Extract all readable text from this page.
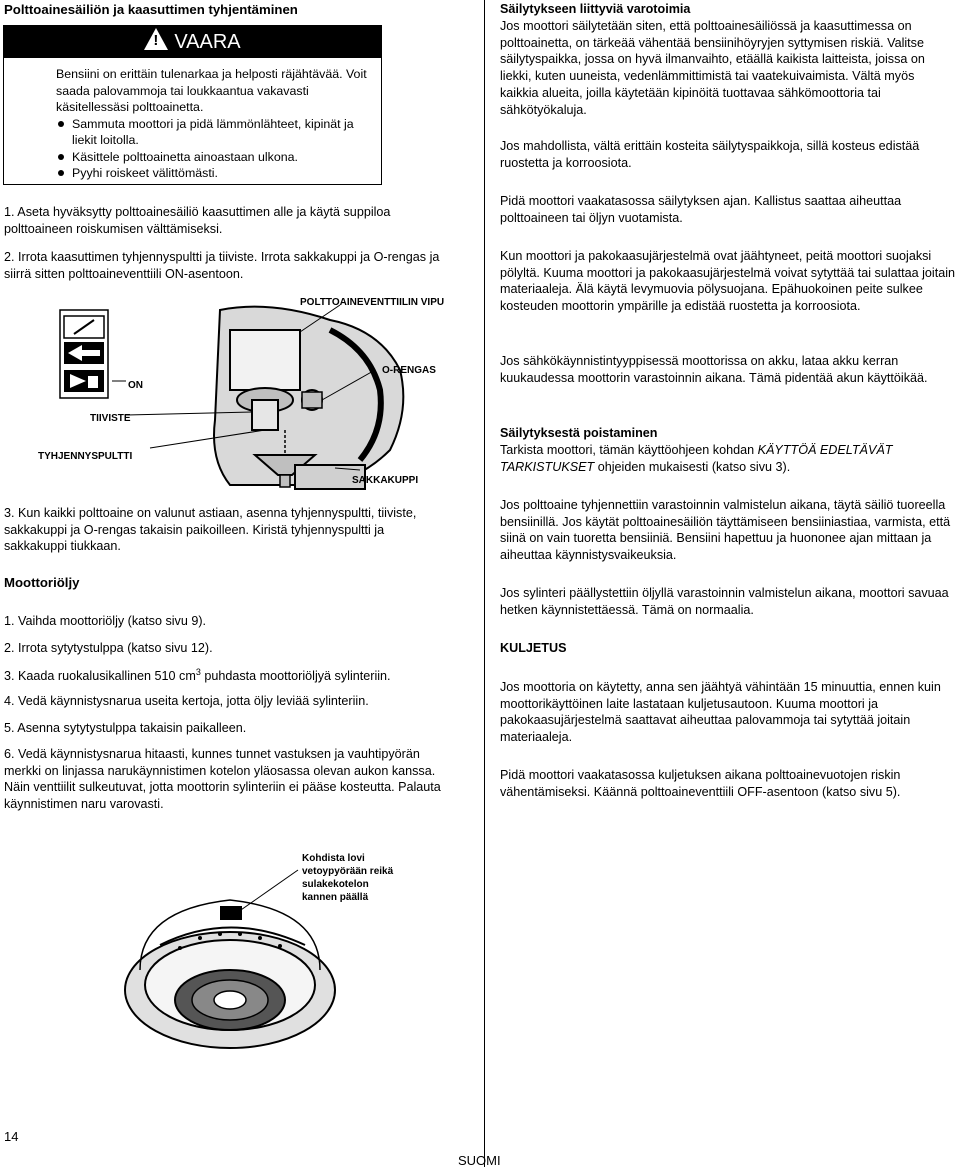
Polttoainesäiliön ja kaasuttimen tyhjentäminen
! VAARA
Bensiini on erittäin tulenarkaa ja helposti räjähtävää. Voit saada palovammoja tai loukkaantua vakavasti käsitellessäsi polttoainetta.
Sammuta moottori ja pidä lämmönlähteet, kipinät ja liekit loitolla.
Käsittele polttoainetta ainoastaan ulkona.
Pyyhi roiskeet välittömästi.
1. Aseta hyväksytty polttoainesäiliö kaasuttimen alle ja käytä suppiloa polttoaineen roiskumisen välttämiseksi.
2. Irrota kaasuttimen tyhjennyspultti ja tiiviste. Irrota sakkakuppi ja O-rengas ja siirrä sitten polttoaineventtiili ON-asentoon.
POLTTOAINEVENTTIILIN VIPU
ON
O-RENGAS
TIIVISTE
TYHJENNYSPULTTI
SAKKAKUPPI
3. Kun kaikki polttoaine on valunut astiaan, asenna tyhjennyspultti, tiiviste, sakkakuppi ja O-rengas takaisin paikoilleen. Kiristä tyhjennyspultti ja sakkakuppi tiukkaan.
Moottoriöljy
1. Vaihda moottoriöljy (katso sivu 9).
2. Irrota sytytystulppa (katso sivu 12).
3. Kaada ruokalusikallinen 510 $cm^3$ puhdasta moottoriöljyä sylinteriin.
4. Vedä käynnistysnarua useita kertoja, jotta öljy leviää sylinteriin.
5. Asenna sytytystulppa takaisin paikalleen.
6. Vedä käynnistysnarua hitaasti, kunnes tunnet vastuksen ja vauhtipyörän merkki on linjassa narukäynnistimen kotelon yläosassa olevan aukon kanssa. Näin venttiilit sulkeutuvat, jotta moottorin sylinteriin ei pääse kosteutta. Palauta käynnistimen naru varovasti.
Kohdista lovi
vetoypyörään reikä
sulakekotelon
kannen päällä
14
SUOMI
Säilytykseen liittyviä varotoimia
Jos moottori säilytetään siten, että polttoainesäiliössä ja kaasuttimessa on polttoainetta, on tärkeää vähentää bensiinihöyryjen syttymisen riskiä. Valitse säilytyspaikka, jossa on hyvä ilmanvaihto, etäällä kaikista laitteista, joissa on liekki, kuten uuneista, vedenlämmittimistä tai vaatekuivaimista. Vältä myös kaikkia alueita, joilla käytetään kipinöitä tuottavaa sähkömoottoria tai sähkötyökaluja.
Jos mahdollista, vältä erittäin kosteita säilytyspaikkoja, sillä kosteus edistää ruostetta ja korroosiota.
Pidä moottori vaakatasossa säilytyksen ajan. Kallistus saattaa aiheuttaa polttoaineen tai öljyn vuotamista.
Kun moottori ja pakokaasujärjestelmä ovat jäähtyneet, peitä moottori suojaksi pölyltä. Kuuma moottori ja pakokaasujärjestelmä voivat sytyttää tai sulattaa joitain materiaaleja. Älä käytä levymuovia pölysuojana. Epähuokoinen peite sulkee kosteuden moottorin ympärille ja edistää ruostetta ja korroosiota.
Jos sähkökäynnistintyyppisessä moottorissa on akku, lataa akku kerran kuukaudessa moottorin varastoinnin aikana. Tämä pidentää akun käyttöikää.
Säilytyksestä poistaminen
Tarkista moottori, tämän käyttöohjeen kohdan KÄYTTÖÄ EDELTÄVÄT TARKISTUKSET ohjeiden mukaisesti (katso sivu 3).
Jos polttoaine tyhjennettiin varastoinnin valmistelun aikana, täytä säiliö tuoreella bensiinillä. Jos käytät polttoainesäiliön täyttämiseen bensiiniastiaa, varmista, että siinä on vain tuoretta bensiiniä. Bensiini hapettuu ja huononee ajan mittaan ja aiheuttaa käynnistysvaikeuksia.
Jos sylinteri päällystettiin öljyllä varastoinnin valmistelun aikana, moottori savuaa hetken käynnistettäessä. Tämä on normaalia.
KULJETUS
Jos moottoria on käytetty, anna sen jäähtyä vähintään 15 minuuttia, ennen kuin moottorikäyttöinen laite lastataan kuljetusautoon. Kuuma moottori ja pakokaasujärjestelmä saattavat aiheuttaa palovammoja tai sytyttää joitain materiaaleja.
Pidä moottori vaakatasossa kuljetuksen aikana polttoainevuotojen riskin vähentämiseksi. Käännä polttoaineventtiili OFF-asentoon (katso sivu 5).
